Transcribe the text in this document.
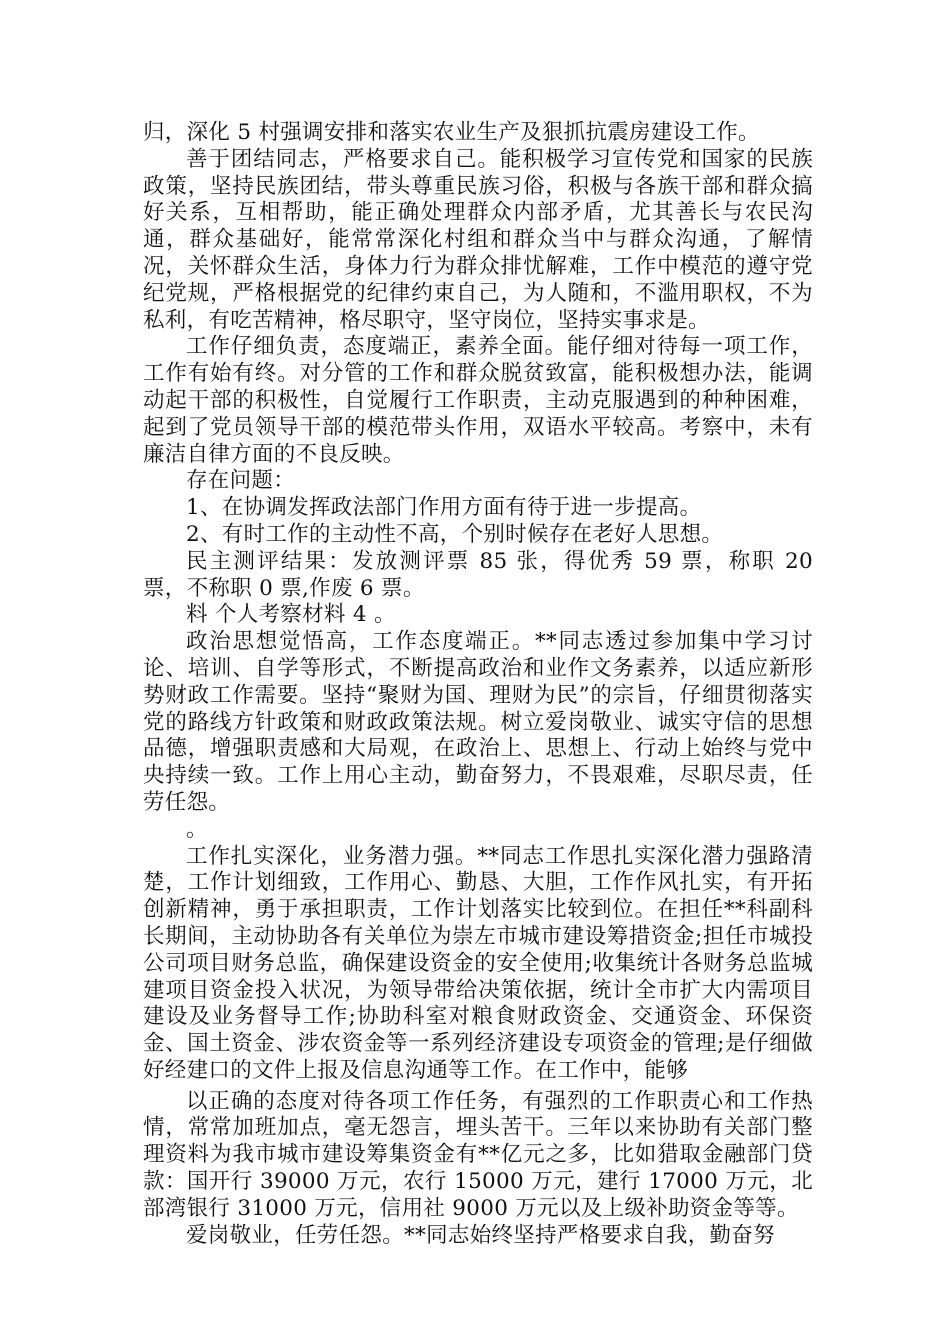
归，深化 5 村强调安排和落实农业生产及狠抓抗震房建设工作。

善于团结同志，严格要求自己。能积极学习宣传党和国家的民族政策，坚持民族团结，带头尊重民族习俗，积极与各族干部和群众搞好关系，互相帮助，能正确处理群众内部矛盾，尤其善长与农民沟通，群众基础好，能常常深化村组和群众当中与群众沟通，了解情况，关怀群众生活，身体力行为群众排忧解难，工作中模范的遵守党纪党规，严格根据党的纪律约束自己，为人随和，不滥用职权，不为私利，有吃苦精神，格尽职守，坚守岗位，坚持实事求是。

工作仔细负责，态度端正，素养全面。能仔细对待每一项工作，工作有始有终。对分管的工作和群众脱贫致富，能积极想办法，能调动起干部的积极性，自觉履行工作职责，主动克服遇到的种种困难，起到了党员领导干部的模范带头作用，双语水平较高。考察中，未有廉洁自律方面的不良反映。

存在问题：

1、在协调发挥政法部门作用方面有待于进一步提高。

2、有时工作的主动性不高，个别时候存在老好人思想。

民主测评结果：发放测评票 85 张，得优秀 59 票，称职 20 票，不称职 0 票,作废 6 票。

料 个人考察材料 4 。

政治思想觉悟高，工作态度端正。**同志透过参加集中学习讨论、培训、自学等形式，不断提高政治和业作文务素养，以适应新形势财政工作需要。坚持“聚财为国、理财为民”的宗旨，仔细贯彻落实党的路线方针政策和财政政策法规。树立爱岗敬业、诚实守信的思想品德，增强职责感和大局观，在政治上、思想上、行动上始终与党中央持续一致。工作上用心主动，勤奋努力，不畏艰难，尽职尽责，任劳任怨。

。

工作扎实深化，业务潜力强。**同志工作思扎实深化潜力强路清楚，工作计划细致，工作用心、勤恳、大胆，工作作风扎实，有开拓创新精神，勇于承担职责，工作计划落实比较到位。在担任**科副科长期间，主动协助各有关单位为崇左市城市建设筹措资金;担任市城投公司项目财务总监，确保建设资金的安全使用;收集统计各财务总监城建项目资金投入状况，为领导带给决策依据，统计全市扩大内需项目建设及业务督导工作;协助科室对粮食财政资金、交通资金、环保资金、国土资金、涉农资金等一系列经济建设专项资金的管理;是仔细做好经建口的文件上报及信息沟通等工作。在工作中，能够

以正确的态度对待各项工作任务，有强烈的工作职责心和工作热情，常常加班加点，毫无怨言，埋头苦干。三年以来协助有关部门整理资料为我市城市建设筹集资金有**亿元之多，比如猎取金融部门贷款：国开行 39000 万元，农行 15000 万元，建行 17000 万元，北部湾银行 31000 万元，信用社 9000 万元以及上级补助资金等等。

爱岗敬业，任劳任怨。**同志始终坚持严格要求自我，勤奋努
